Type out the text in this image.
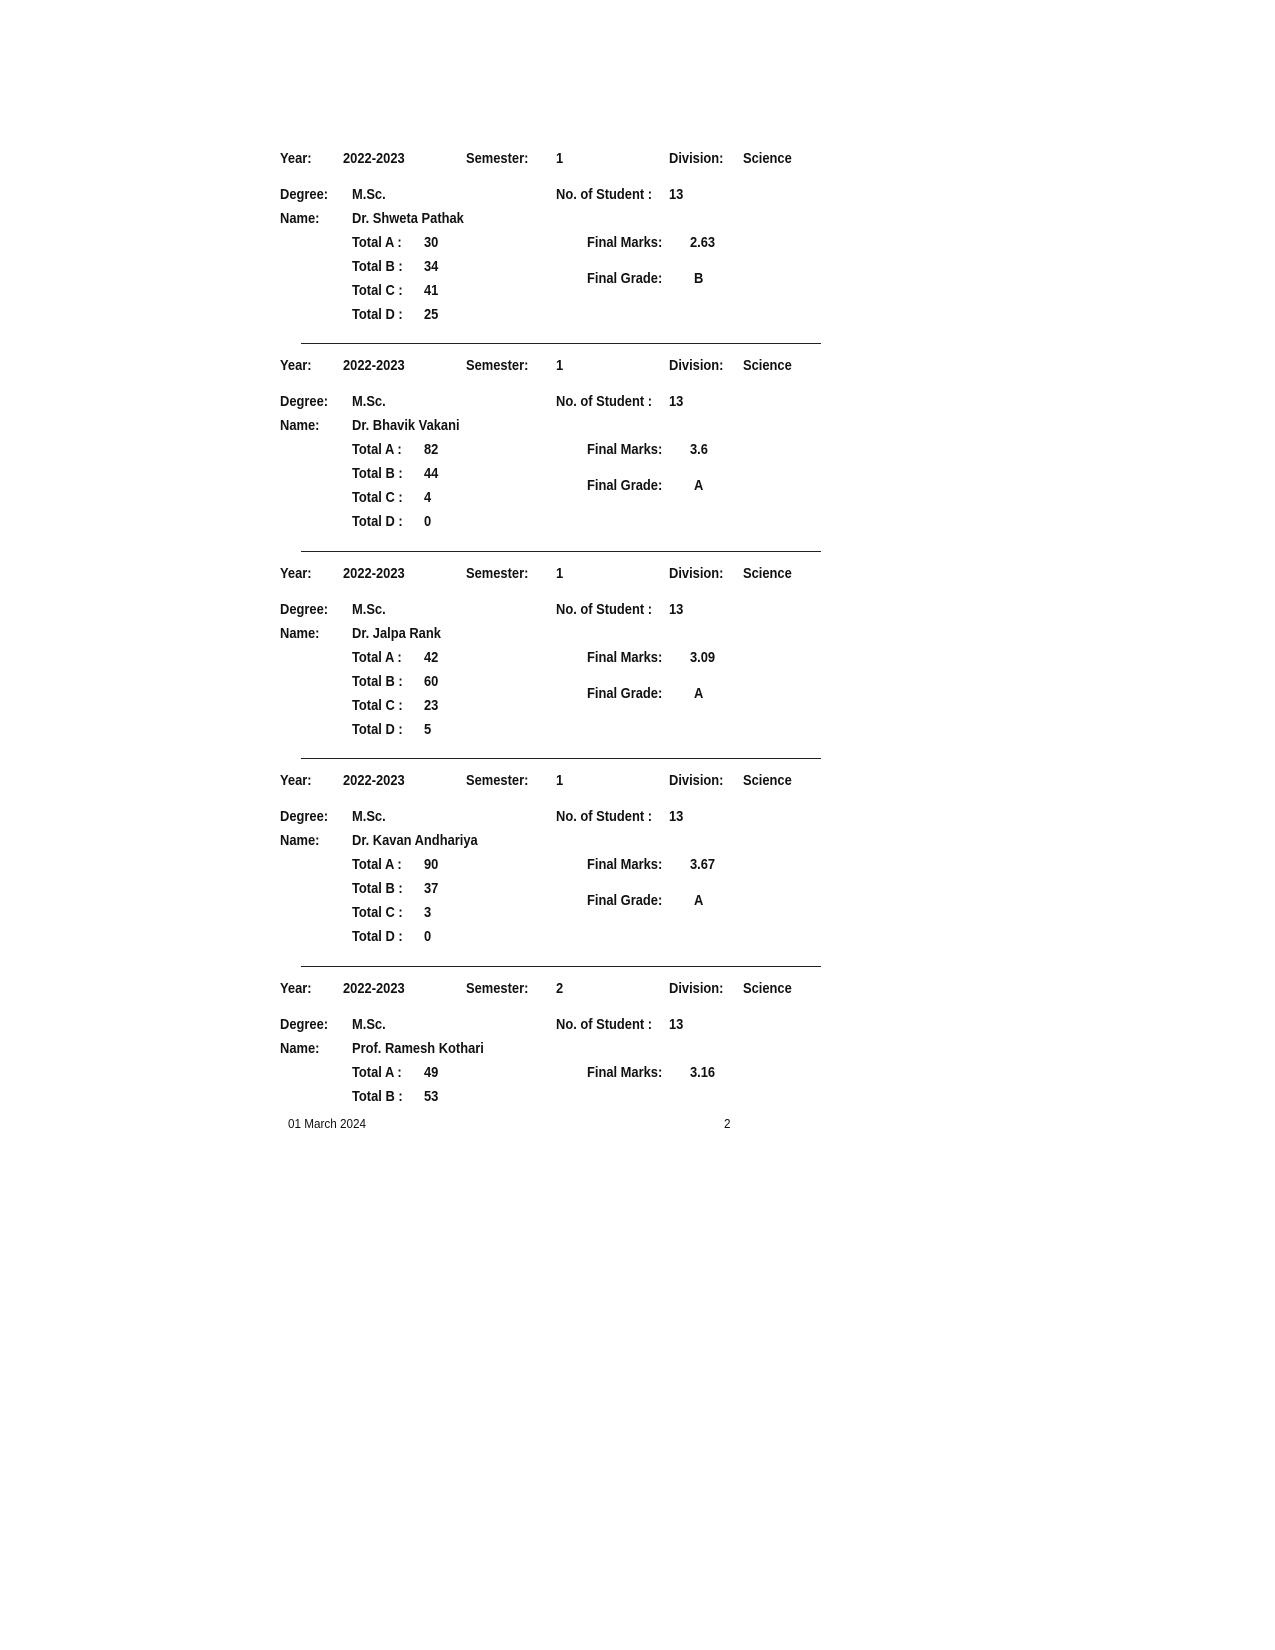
Year: 2022-2023	Semester: 1	Division: Science
Degree: M.Sc.	No. of Student : 13
Name: Dr. Shweta Pathak
Total A : 30	Final Marks: 2.63
Total B : 34
Final Grade: B
Total C : 41
Total D : 25
Year: 2022-2023	Semester: 1	Division: Science
Degree: M.Sc.	No. of Student : 13
Name: Dr. Bhavik Vakani
Total A : 82	Final Marks: 3.6
Total B : 44
Final Grade: A
Total C : 4
Total D : 0
Year: 2022-2023	Semester: 1	Division: Science
Degree: M.Sc.	No. of Student : 13
Name: Dr. Jalpa Rank
Total A : 42	Final Marks: 3.09
Total B : 60
Final Grade: A
Total C : 23
Total D : 5
Year: 2022-2023	Semester: 1	Division: Science
Degree: M.Sc.	No. of Student : 13
Name: Dr. Kavan Andhariya
Total A : 90	Final Marks: 3.67
Total B : 37
Final Grade: A
Total C : 3
Total D : 0
Year: 2022-2023	Semester: 2	Division: Science
Degree: M.Sc.	No. of Student : 13
Name: Prof. Ramesh Kothari
Total A : 49	Final Marks: 3.16
Total B : 53
01 March 2024	2
